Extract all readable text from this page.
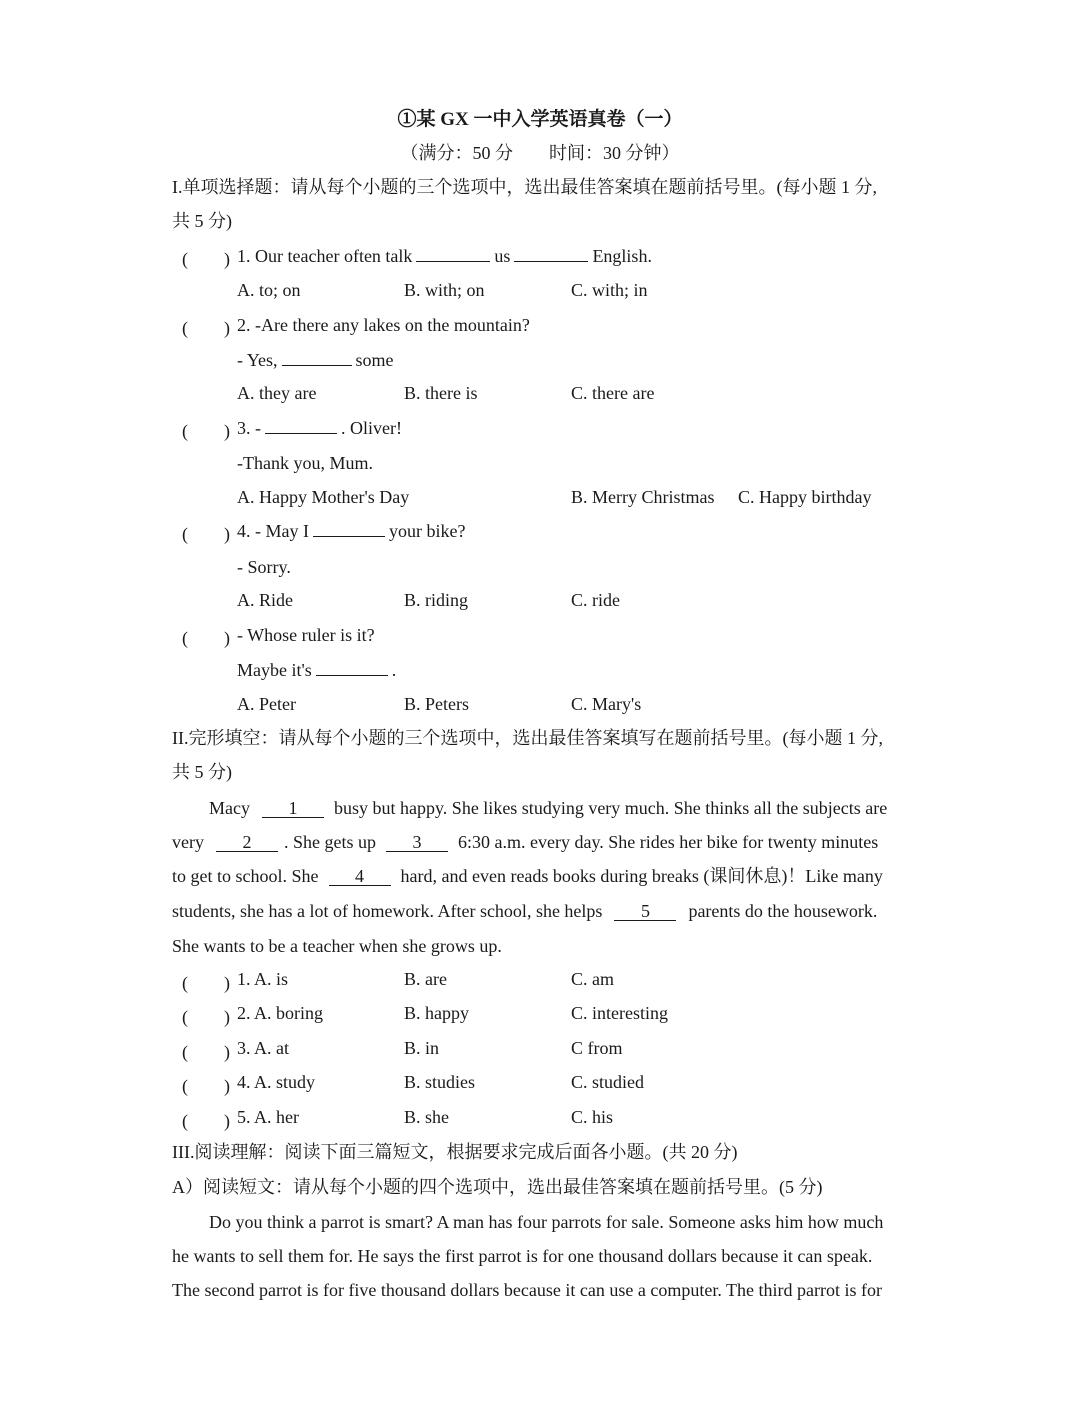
①某 GX 一中入学英语真卷（一）
（满分：50 分　　时间：30 分钟）
I.单项选择题：请从每个小题的三个选项中，选出最佳答案填在题前括号里。(每小题 1 分,
共 5 分)
(　　) 1. Our teacher often talk	us	English.
A. to; on	B. with; on	C. with; in
(　　) 2. -Are there any lakes on the mountain?
- Yes,	some
A. they are	B. there is	C. there are
(　　) 3. -	. Oliver!
-Thank you, Mum.
A. Happy Mother's Day	B. Merry Christmas C. Happy birthday
(　　) 4. - May I	your bike?
- Sorry.
A. Ride	B. riding	C. ride
(　　) - Whose ruler is it?
Maybe it's	.
A. Peter	B. Peters	C. Mary's
II.完形填空：请从每个小题的三个选项中，选出最佳答案填写在题前括号里。(每小题 1 分,
共 5 分)
Macy 1 busy but happy. She likes studying very much. She thinks all the subjects are
very 2 . She gets up 3 6:30 a.m. every day. She rides her bike for twenty minutes
to get to school. She 4 hard, and even reads books during breaks (课间休息)！Like many
students, she has a lot of homework. After school, she helps 5 parents do the housework.
She wants to be a teacher when she grows up.
(　　) 1. A. is	B. are	C. am
(　　) 2. A. boring	B. happy	C. interesting
(　　) 3. A. at	B. in	C from
(　　) 4. A. study	B. studies	C. studied
(　　) 5. A. her	B. she	C. his
III.阅读理解：阅读下面三篇短文，根据要求完成后面各小题。(共 20 分)
A）阅读短文：请从每个小题的四个选项中，选出最佳答案填在题前括号里。(5 分)
Do you think a parrot is smart? A man has four parrots for sale. Someone asks him how much
he wants to sell them for. He says the first parrot is for one thousand dollars because it can speak.
The second parrot is for five thousand dollars because it can use a computer. The third parrot is for
